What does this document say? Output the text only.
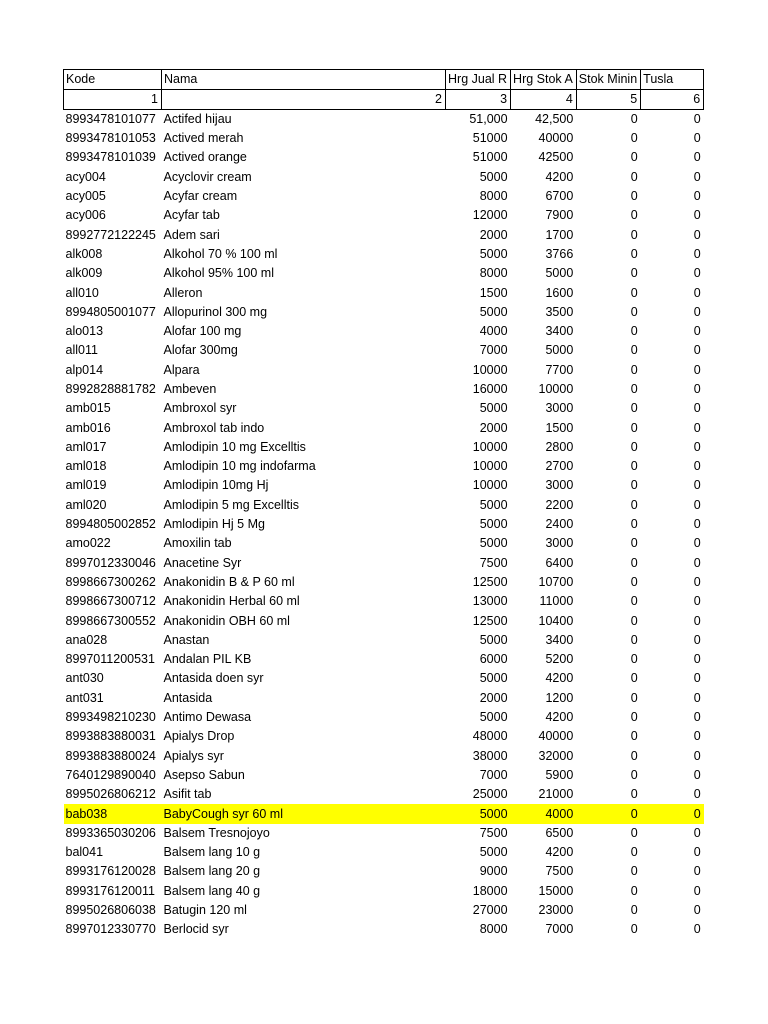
Kode	Nama	Hrg Jual R	Hrg Stok A	Stok Minin	Tusla
1	2	3	4	5	6
8993478101077	Actifed hijau	51,000	42,500	0	0
8993478101053	Actived merah	51000	40000	0	0
8993478101039	Actived orange	51000	42500	0	0
acy004	Acyclovir cream	5000	4200	0	0
acy005	Acyfar cream	8000	6700	0	0
acy006	Acyfar tab	12000	7900	0	0
8992772122245	Adem sari	2000	1700	0	0
alk008	Alkohol 70 % 100 ml	5000	3766	0	0
alk009	Alkohol 95% 100 ml	8000	5000	0	0
all010	Alleron	1500	1600	0	0
8994805001077	Allopurinol 300 mg	5000	3500	0	0
alo013	Alofar 100 mg	4000	3400	0	0
all011	Alofar 300mg	7000	5000	0	0
alp014	Alpara	10000	7700	0	0
8992828881782	Ambeven	16000	10000	0	0
amb015	Ambroxol syr	5000	3000	0	0
amb016	Ambroxol tab indo	2000	1500	0	0
aml017	Amlodipin 10 mg Excelltis	10000	2800	0	0
aml018	Amlodipin 10 mg indofarma	10000	2700	0	0
aml019	Amlodipin 10mg Hj	10000	3000	0	0
aml020	Amlodipin 5 mg Excelltis	5000	2200	0	0
8994805002852	Amlodipin Hj 5 Mg	5000	2400	0	0
amo022	Amoxilin tab	5000	3000	0	0
8997012330046	Anacetine Syr	7500	6400	0	0
8998667300262	Anakonidin B & P 60 ml	12500	10700	0	0
8998667300712	Anakonidin Herbal 60 ml	13000	11000	0	0
8998667300552	Anakonidin OBH 60 ml	12500	10400	0	0
ana028	Anastan	5000	3400	0	0
8997011200531	Andalan PIL KB	6000	5200	0	0
ant030	Antasida doen syr	5000	4200	0	0
ant031	Antasida	2000	1200	0	0
8993498210230	Antimo Dewasa	5000	4200	0	0
8993883880031	Apialys Drop	48000	40000	0	0
8993883880024	Apialys syr	38000	32000	0	0
7640129890040	Asepso Sabun	7000	5900	0	0
8995026806212	Asifit tab	25000	21000	0	0
bab038	BabyCough syr 60 ml	5000	4000	0	0
8993365030206	Balsem Tresnojoyo	7500	6500	0	0
bal041	Balsem lang 10 g	5000	4200	0	0
8993176120028	Balsem lang 20 g	9000	7500	0	0
8993176120011	Balsem lang 40 g	18000	15000	0	0
8995026806038	Batugin 120 ml	27000	23000	0	0
8997012330770	Berlocid syr	8000	7000	0	0
